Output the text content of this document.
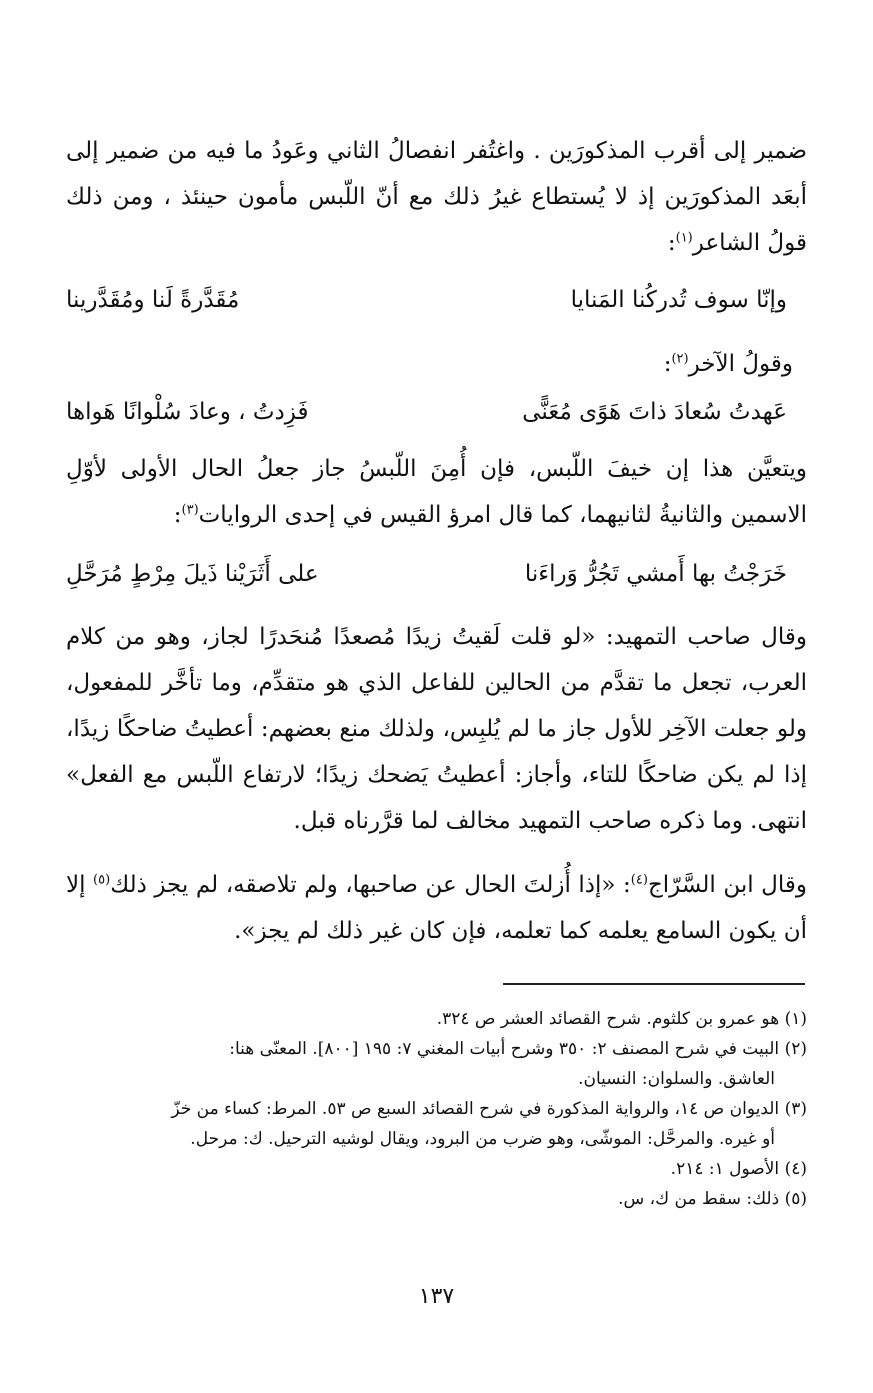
ضمير إلى أقرب المذكورَين . واغتُفر انفصالُ الثاني وعَودُ ما فيه من ضمير إلى أبعَد المذكورَين إذ لا يُستطاع غيرُ ذلك مع أنّ اللّبس مأمون حينئذ ، ومن ذلك قولُ الشاعر$^{(١)}$:
وإنّا سوف تُدركُنا المَنايا
مُقَدَّرةً لَنا ومُقَدَّرينا
وقولُ الآخر$^{(٢)}$:
عَهدتُ سُعادَ ذاتَ هَوًى مُعَنًّى
فَزِدتُ ، وعادَ سُلْوانًا هَواها
ويتعيَّن هذا إن خيفَ اللّبس، فإن أُمِنَ اللّبسُ جاز جعلُ الحال الأولى لأوّلِ الاسمين والثانيةُ لثانيهما، كما قال امرؤ القيس في إحدى الروايات$^{(٣)}$:
خَرَجْتُ بها أَمشي تَجُرُّ وَراءَنا
على أَثَرَيْنا ذَيلَ مِرْطٍ مُرَحَّلِ
وقال صاحب التمهيد: «لو قلت لَقيتُ زيدًا مُصعدًا مُنحَدرًا لجاز، وهو من كلام العرب، تجعل ما تقدَّم من الحالين للفاعل الذي هو متقدِّم، وما تأخَّر للمفعول، ولو جعلت الآخِر للأول جاز ما لم يُلبِس، ولذلك منع بعضهم: أعطيتُ ضاحكًا زيدًا، إذا لم يكن ضاحكًا للتاء، وأجاز: أعطيتُ يَضحك زيدًا؛ لارتفاع اللّبس مع الفعل» انتهى. وما ذكره صاحب التمهيد مخالف لما قرَّرناه قبل.
وقال ابن السَّرّاج$^{(٤)}$: «إذا أُزلتَ الحال عن صاحبها، ولم تلاصقه، لم يجز ذلك$^{(٥)}$ إلا أن يكون السامع يعلمه كما تعلمه، فإن كان غير ذلك لم يجز».

(١) هو عمرو بن كلثوم. شرح القصائد العشر ص ٣٢٤.

(٢) البيت في شرح المصنف ٢: ٣٥٠ وشرح أبيات المغني ٧: ١٩٥ [٨٠٠]. المعنّى هنا:

العاشق. والسلوان: النسيان.

(٣) الديوان ص ١٤، والرواية المذكورة في شرح القصائد السبع ص ٥٣. المرط: كساء من خزّ

أو غيره. والمرحَّل: الموشّى، وهو ضرب من البرود، ويقال لوشيه الترحيل. ك: مرحل.

(٤) الأصول ١: ٢١٤.

(٥) ذلك: سقط من ك، س.

١٣٧
